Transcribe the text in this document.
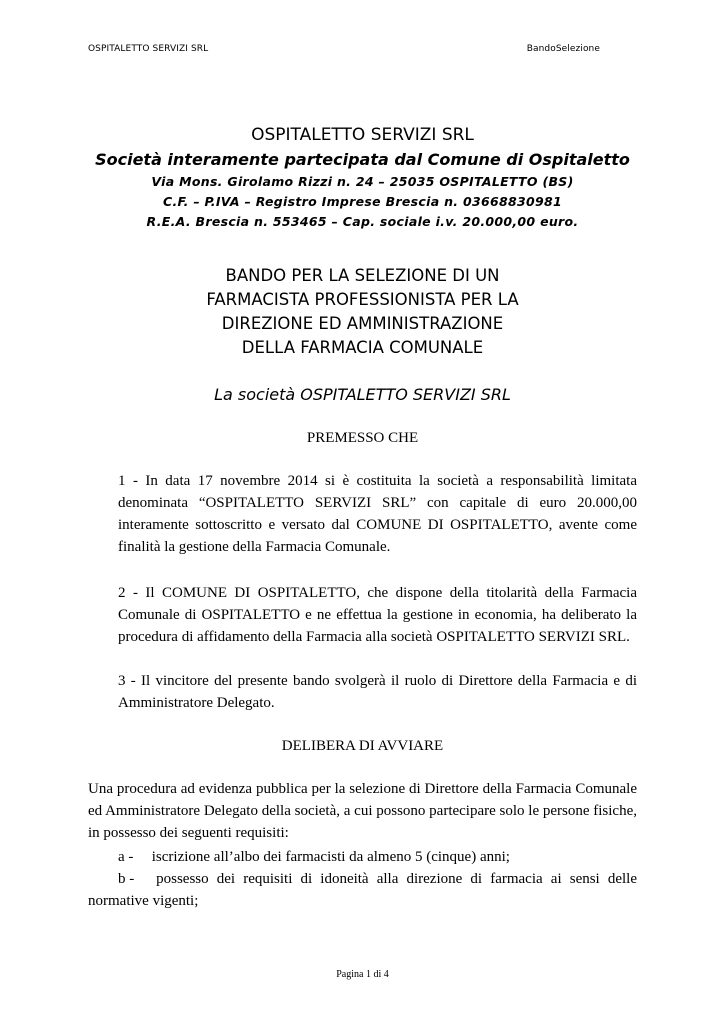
OSPITALETTO SERVIZI SRL	BandoSelezione
OSPITALETTO SERVIZI SRL
Società interamente partecipata dal Comune di Ospitaletto
Via Mons. Girolamo Rizzi n. 24 – 25035 OSPITALETTO (BS)
C.F. – P.IVA – Registro Imprese Brescia n. 03668830981
R.E.A. Brescia n. 553465 – Cap. sociale i.v. 20.000,00 euro.
BANDO PER LA SELEZIONE DI UN
FARMACISTA PROFESSIONISTA PER LA
DIREZIONE ED AMMINISTRAZIONE
DELLA FARMACIA COMUNALE
La società OSPITALETTO SERVIZI SRL
PREMESSO CHE
1 - In data 17 novembre 2014 si è costituita la società a responsabilità limitata denominata “OSPITALETTO SERVIZI SRL” con capitale di euro 20.000,00 interamente sottoscritto e versato dal COMUNE DI OSPITALETTO, avente come finalità la gestione della Farmacia Comunale.
2 - Il COMUNE DI OSPITALETTO, che dispone della titolarità della Farmacia Comunale di OSPITALETTO e ne effettua la gestione in economia, ha deliberato la procedura di affidamento della Farmacia alla società OSPITALETTO SERVIZI SRL.
3 - Il vincitore del presente bando svolgerà il ruolo di Direttore della Farmacia e di Amministratore Delegato.
DELIBERA DI AVVIARE
Una procedura ad evidenza pubblica per la selezione di Direttore della Farmacia Comunale ed Amministratore Delegato della società, a cui possono partecipare solo le persone fisiche, in possesso dei seguenti requisiti:
a - iscrizione all’albo dei farmacisti da almeno 5 (cinque) anni;
b - possesso dei requisiti di idoneità alla direzione di farmacia ai sensi delle normative vigenti;
Pagina 1 di 4
